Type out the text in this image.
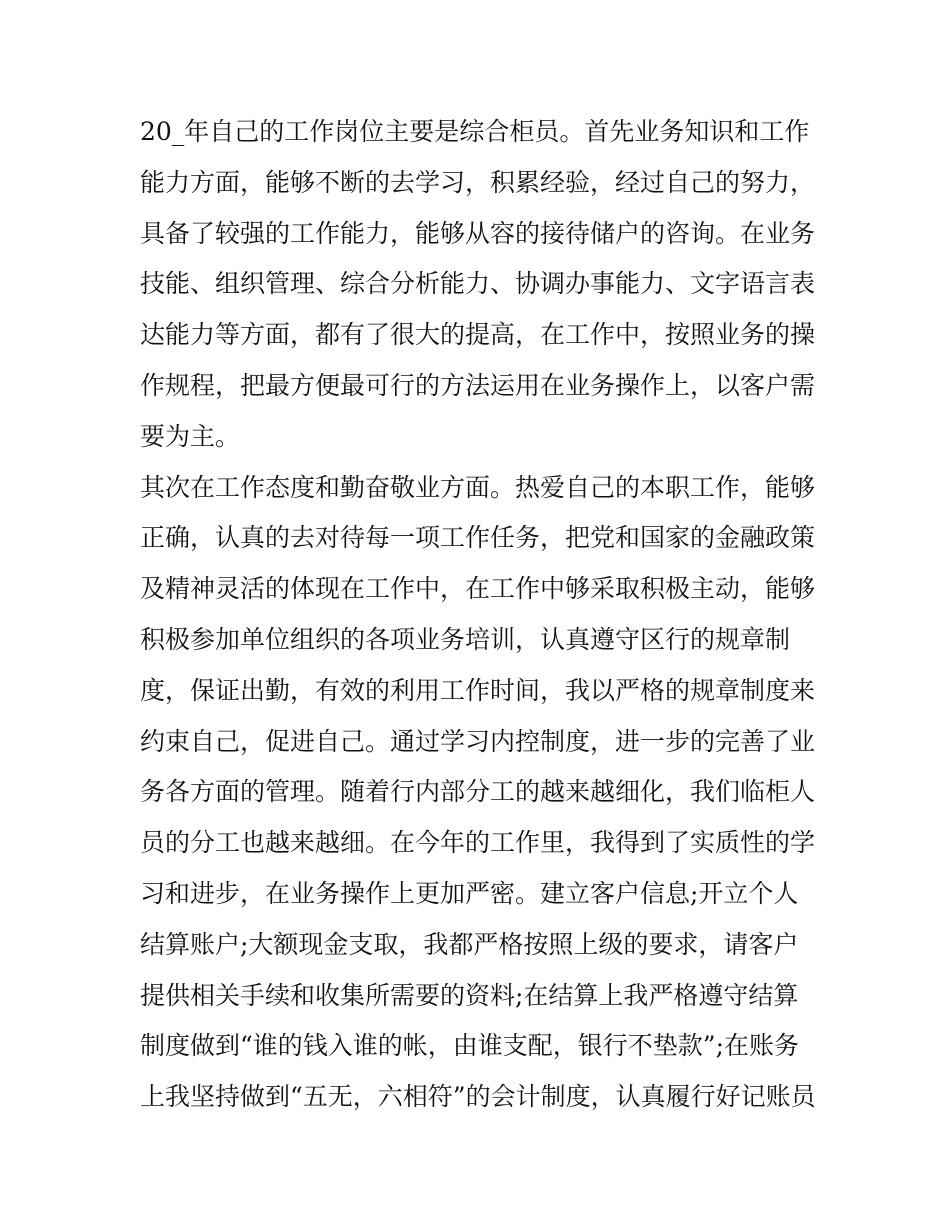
20_年自己的工作岗位主要是综合柜员。首先业务知识和工作
能力方面，能够不断的去学习，积累经验，经过自己的努力，
具备了较强的工作能力，能够从容的接待储户的咨询。在业务
技能、组织管理、综合分析能力、协调办事能力、文字语言表
达能力等方面，都有了很大的提高，在工作中，按照业务的操
作规程，把最方便最可行的方法运用在业务操作上，以客户需
要为主。
其次在工作态度和勤奋敬业方面。热爱自己的本职工作，能够
正确，认真的去对待每一项工作任务，把党和国家的金融政策
及精神灵活的体现在工作中，在工作中够采取积极主动，能够
积极参加单位组织的各项业务培训，认真遵守区行的规章制
度，保证出勤，有效的利用工作时间，我以严格的规章制度来
约束自己，促进自己。通过学习内控制度，进一步的完善了业
务各方面的管理。随着行内部分工的越来越细化，我们临柜人
员的分工也越来越细。在今年的工作里，我得到了实质性的学
习和进步，在业务操作上更加严密。建立客户信息;开立个人
结算账户;大额现金支取，我都严格按照上级的要求，请客户
提供相关手续和收集所需要的资料;在结算上我严格遵守结算
制度做到“谁的钱入谁的帐，由谁支配，银行不垫款”;在账务
上我坚持做到“五无，六相符”的会计制度，认真履行好记账员
